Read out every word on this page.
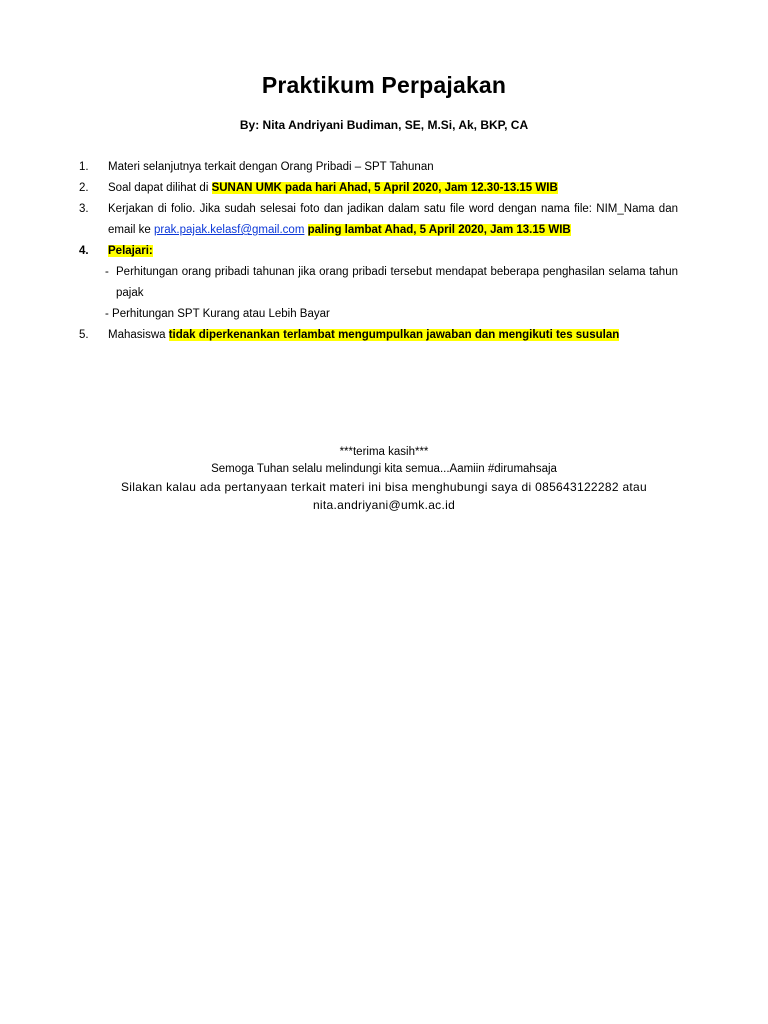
Praktikum Perpajakan
By: Nita Andriyani Budiman, SE, M.Si, Ak, BKP, CA
1. Materi selanjutnya terkait dengan Orang Pribadi – SPT Tahunan
2. Soal dapat dilihat di SUNAN UMK pada hari Ahad, 5 April 2020, Jam 12.30-13.15 WIB
3. Kerjakan di folio. Jika sudah selesai foto dan jadikan dalam satu file word dengan nama file: NIM_Nama dan email ke prak.pajak.kelasf@gmail.com paling lambat Ahad, 5 April 2020, Jam 13.15 WIB
4. Pelajari:
- Perhitungan orang pribadi tahunan jika orang pribadi tersebut mendapat beberapa penghasilan selama tahun pajak
- Perhitungan SPT Kurang atau Lebih Bayar
5. Mahasiswa tidak diperkenankan terlambat mengumpulkan jawaban dan mengikuti tes susulan
***terima kasih***
Semoga Tuhan selalu melindungi kita semua...Aamiin #dirumahsaja
Silakan kalau ada pertanyaan terkait materi ini bisa menghubungi saya di 085643122282 atau
nita.andriyani@umk.ac.id
